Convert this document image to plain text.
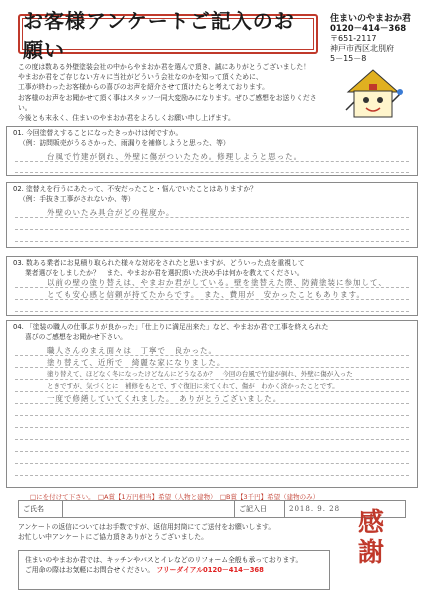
お客様アンケートご記入のお願い
住まいのやまおか君
0120－414－368
〒651-2117
神戸市西区北別府
5－15－8
この度は数ある外壁塗装会社の中からやまおか君を選んで頂き、誠にありがとうございました！
やまおか君をご存じない方々に当社がどういう会社なのかを知って頂くために、
工事が終わったお客様からの喜びのお声を紹介させて頂けたらと考えております。
お客様のお声をお聞かせて頂く事はスタッフ一同大変励みになります。ぜひご感想をお送りください。
今後とも末永く、住まいのやまおか君をよろしくお願い申し上げます。
01. 今回塗替えすることになったきっかけは何ですか。
（例：訪問販売がうるさかった、雨漏りを補修しようと思った、等）
台風で竹建が倒れ、外壁に傷がついたため。修理しようと思った。
02. 塗替えを行うにあたって、不安だったこと・悩んでいたことはありますか？
（例：手抜き工事がされないか、等）
外壁のいたみ具合がどの程度か。
03. 数ある業者にお見積り取られた様々な対応をされたと思いますが、どういった点を重視して
業者選びをしましたか？　また、やまおか君を選択頂いた決め手は何かを教えてください。
以前の壁の塗り替えは、やまおか君がしている。壁を塗替えた際、防錆塗装に参加して、
とても安心感と信頼が持てたからです。　また、費用が　安かったこともあります。
04. 「塗装の職人の仕事ぶりが良かった」「仕上りに満足出来た」など、やまおか君で工事を終えられた
喜びのご感想をお聞かせ下さい。
職人さんのまえ面々は　丁寧で　良かった。
塗り替えて、近所で　綺麗な家になりました。
塗り替えて、ほどなく冬になったけどなんにどうなるか？　今回の台風で竹建が倒れ、外壁に傷が入った
ときですが、気づくとに　補修をもとで、すぐ復旧に来てくれて、傷が　わかく済かったことです。
一度で修繕していてくれました。　ありがとうございました。
□にを付けて下さい。　□A賞【1万円相当】希望（人物と建物）　□B賞【3千円】希望（建物のみ）
ご氏名	ご記入日	2018. 9. 28
アンケートの返信についてはお手数ですが、返信用封筒にてご送付をお願いします。
お忙しい中アンケートにご協力頂きありがとうございました。	感
謝
住まいのやまおか君では、キッチンやバスとイレなどのリフォーム全般も承っております。
ご用命の際はお気軽にお問合せください。 フリーダイアル0120－414－368
